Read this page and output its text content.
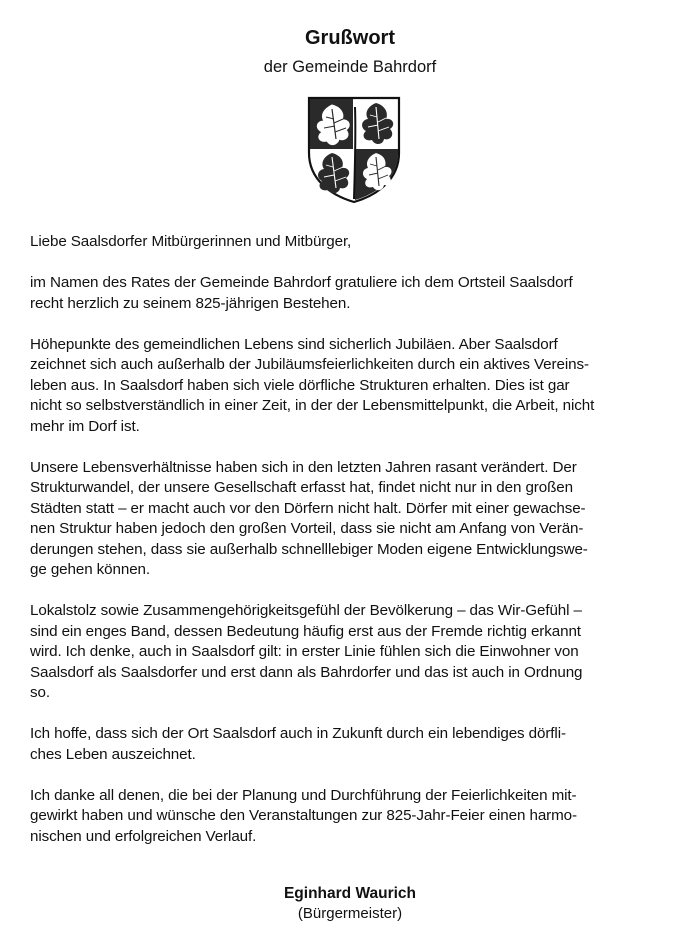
Grußwort
der Gemeinde Bahrdorf

Liebe Saalsdorfer Mitbürgerinnen und Mitbürger,

im Namen des Rates der Gemeinde Bahrdorf gratuliere ich dem Ortsteil Saalsdorf
recht herzlich zu seinem 825-jährigen Bestehen.

Höhepunkte des gemeindlichen Lebens sind sicherlich Jubiläen. Aber Saalsdorf
zeichnet sich auch außerhalb der Jubiläumsfeierlichkeiten durch ein aktives Vereins-
leben aus. In Saalsdorf haben sich viele dörfliche Strukturen erhalten. Dies ist gar
nicht so selbstverständlich in einer Zeit, in der der Lebensmittelpunkt, die Arbeit, nicht
mehr im Dorf ist.

Unsere Lebensverhältnisse haben sich in den letzten Jahren rasant verändert. Der
Strukturwandel, der unsere Gesellschaft erfasst hat, findet nicht nur in den großen
Städten statt – er macht auch vor den Dörfern nicht halt. Dörfer mit einer gewachse-
nen Struktur haben jedoch den großen Vorteil, dass sie nicht am Anfang von Verän-
derungen stehen, dass sie außerhalb schnelllebiger Moden eigene Entwicklungswe-
ge gehen können.

Lokalstolz sowie Zusammengehörigkeitsgefühl der Bevölkerung – das Wir-Gefühl –
sind ein enges Band, dessen Bedeutung häufig erst aus der Fremde richtig erkannt
wird. Ich denke, auch in Saalsdorf gilt: in erster Linie fühlen sich die Einwohner von
Saalsdorf als Saalsdorfer und erst dann als Bahrdorfer und das ist auch in Ordnung
so.

Ich hoffe, dass sich der Ort Saalsdorf auch in Zukunft durch ein lebendiges dörfli-
ches Leben auszeichnet.

Ich danke all denen, die bei der Planung und Durchführung der Feierlichkeiten mit-
gewirkt haben und wünsche den Veranstaltungen zur 825-Jahr-Feier einen harmo-
nischen und erfolgreichen Verlauf.

Eginhard Waurich
(Bürgermeister)
